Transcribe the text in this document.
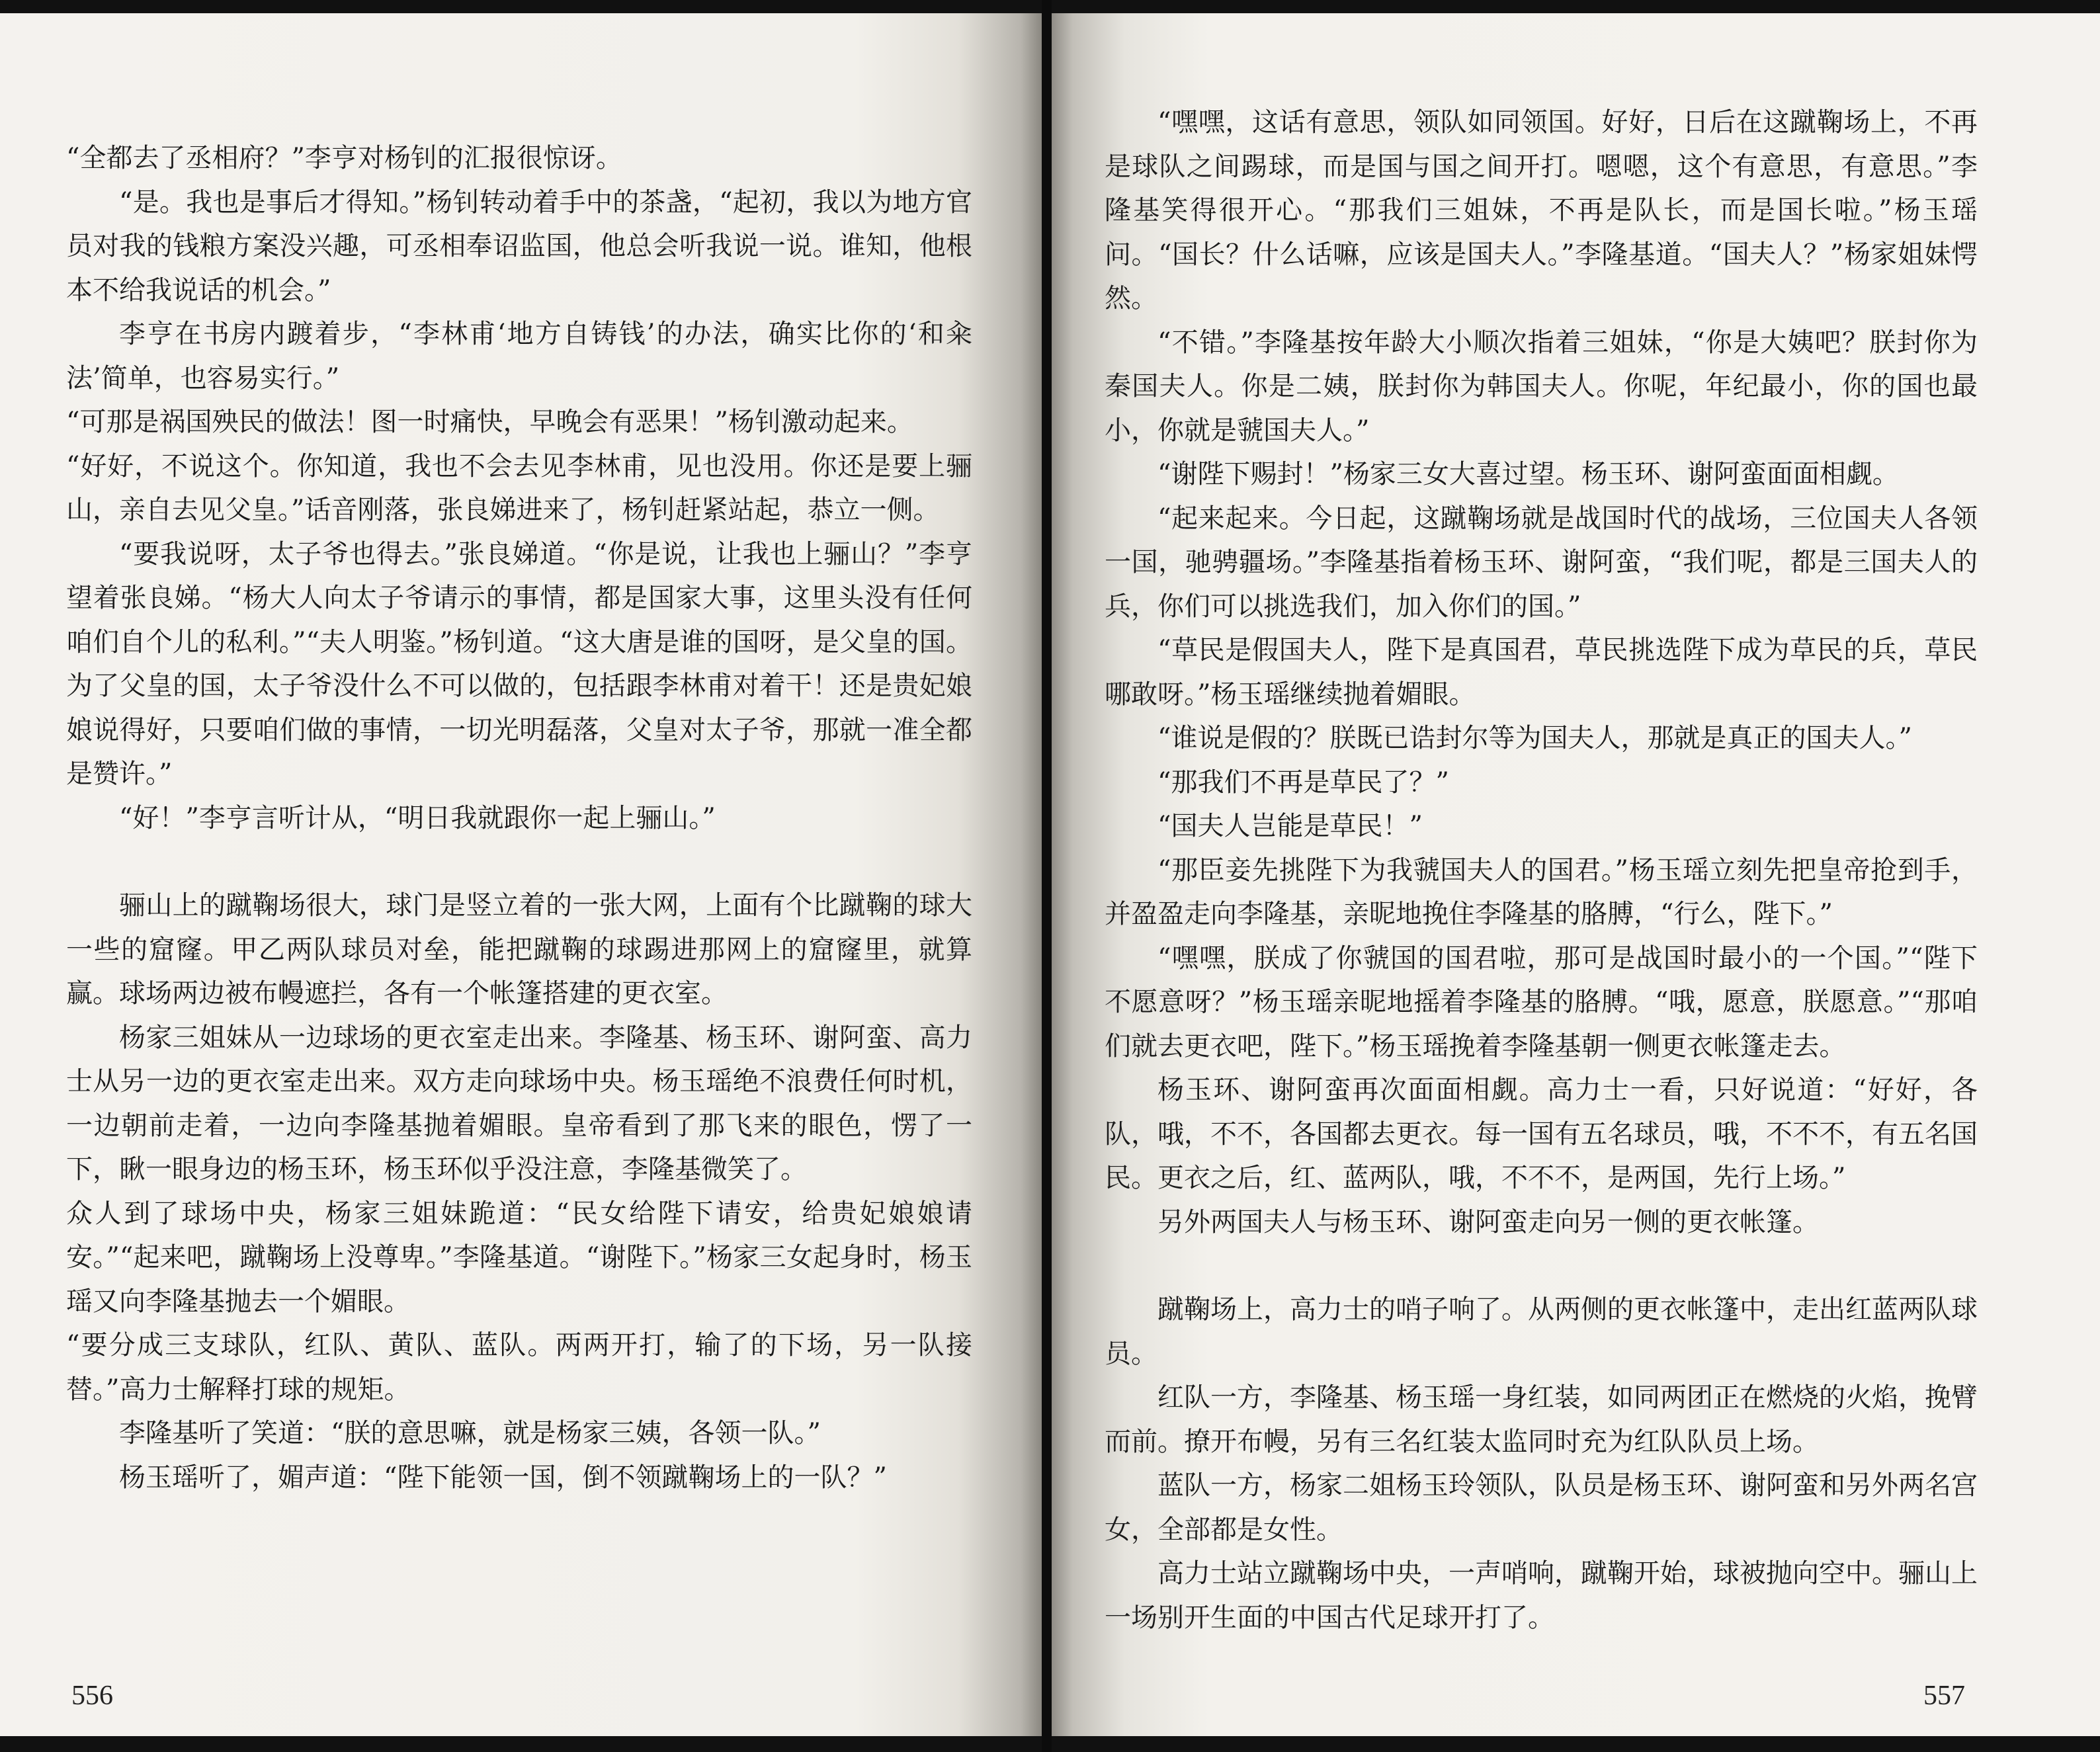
“全都去了丞相府？”李亨对杨钊的汇报很惊讶。

“是。我也是事后才得知。”杨钊转动着手中的茶盏，“起初，我以为地方官员对我的钱粮方案没兴趣，可丞相奉诏监国，他总会听我说一说。谁知，他根本不给我说话的机会。”

李亨在书房内踱着步，“李林甫‘地方自铸钱’的办法，确实比你的‘和籴法’简单，也容易实行。”

“可那是祸国殃民的做法！图一时痛快，早晚会有恶果！”杨钊激动起来。

“好好，不说这个。你知道，我也不会去见李林甫，见也没用。你还是要上骊山，亲自去见父皇。”话音刚落，张良娣进来了，杨钊赶紧站起，恭立一侧。

“要我说呀，太子爷也得去。”张良娣道。“你是说，让我也上骊山？”李亨望着张良娣。“杨大人向太子爷请示的事情，都是国家大事，这里头没有任何咱们自个儿的私利。”“夫人明鉴。”杨钊道。“这大唐是谁的国呀，是父皇的国。为了父皇的国，太子爷没什么不可以做的，包括跟李林甫对着干！还是贵妃娘娘说得好，只要咱们做的事情，一切光明磊落，父皇对太子爷，那就一准全都是赞许。”

“好！”李亨言听计从，“明日我就跟你一起上骊山。”

骊山上的蹴鞠场很大，球门是竖立着的一张大网，上面有个比蹴鞠的球大一些的窟窿。甲乙两队球员对垒，能把蹴鞠的球踢进那网上的窟窿里，就算赢。球场两边被布幔遮拦，各有一个帐篷搭建的更衣室。

杨家三姐妹从一边球场的更衣室走出来。李隆基、杨玉环、谢阿蛮、高力士从另一边的更衣室走出来。双方走向球场中央。杨玉瑶绝不浪费任何时机，一边朝前走着，一边向李隆基抛着媚眼。皇帝看到了那飞来的眼色，愣了一下，瞅一眼身边的杨玉环，杨玉环似乎没注意，李隆基微笑了。

众人到了球场中央，杨家三姐妹跪道：“民女给陛下请安，给贵妃娘娘请安。”“起来吧，蹴鞠场上没尊卑。”李隆基道。“谢陛下。”杨家三女起身时，杨玉瑶又向李隆基抛去一个媚眼。

“要分成三支球队，红队、黄队、蓝队。两两开打，输了的下场，另一队接替。”高力士解释打球的规矩。

李隆基听了笑道：“朕的意思嘛，就是杨家三姨，各领一队。”

杨玉瑶听了，媚声道：“陛下能领一国，倒不领蹴鞠场上的一队？”

556

“嘿嘿，这话有意思，领队如同领国。好好，日后在这蹴鞠场上，不再是球队之间踢球，而是国与国之间开打。嗯嗯，这个有意思，有意思。”李隆基笑得很开心。“那我们三姐妹，不再是队长，而是国长啦。”杨玉瑶问。“国长？什么话嘛，应该是国夫人。”李隆基道。“国夫人？”杨家姐妹愕然。

“不错。”李隆基按年龄大小顺次指着三姐妹，“你是大姨吧？朕封你为秦国夫人。你是二姨，朕封你为韩国夫人。你呢，年纪最小，你的国也最小，你就是虢国夫人。”

“谢陛下赐封！”杨家三女大喜过望。杨玉环、谢阿蛮面面相觑。

“起来起来。今日起，这蹴鞠场就是战国时代的战场，三位国夫人各领一国，驰骋疆场。”李隆基指着杨玉环、谢阿蛮，“我们呢，都是三国夫人的兵，你们可以挑选我们，加入你们的国。”

“草民是假国夫人，陛下是真国君，草民挑选陛下成为草民的兵，草民哪敢呀。”杨玉瑶继续抛着媚眼。

“谁说是假的？朕既已诰封尔等为国夫人，那就是真正的国夫人。”

“那我们不再是草民了？”

“国夫人岂能是草民！”

“那臣妾先挑陛下为我虢国夫人的国君。”杨玉瑶立刻先把皇帝抢到手，并盈盈走向李隆基，亲昵地挽住李隆基的胳膊，“行么，陛下。”

“嘿嘿，朕成了你虢国的国君啦，那可是战国时最小的一个国。”“陛下不愿意呀？”杨玉瑶亲昵地摇着李隆基的胳膊。“哦，愿意，朕愿意。”“那咱们就去更衣吧，陛下。”杨玉瑶挽着李隆基朝一侧更衣帐篷走去。

杨玉环、谢阿蛮再次面面相觑。高力士一看，只好说道：“好好，各队，哦，不不，各国都去更衣。每一国有五名球员，哦，不不不，有五名国民。更衣之后，红、蓝两队，哦，不不不，是两国，先行上场。”

另外两国夫人与杨玉环、谢阿蛮走向另一侧的更衣帐篷。

蹴鞠场上，高力士的哨子响了。从两侧的更衣帐篷中，走出红蓝两队球员。

红队一方，李隆基、杨玉瑶一身红装，如同两团正在燃烧的火焰，挽臂而前。撩开布幔，另有三名红装太监同时充为红队队员上场。

蓝队一方，杨家二姐杨玉玲领队，队员是杨玉环、谢阿蛮和另外两名宫女，全部都是女性。

高力士站立蹴鞠场中央，一声哨响，蹴鞠开始，球被抛向空中。骊山上一场别开生面的中国古代足球开打了。

557
